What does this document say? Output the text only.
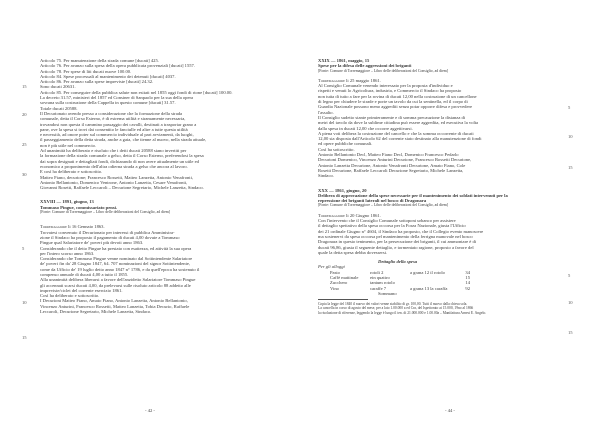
Articolo 75. Per manutenzione della strada comune [ducati] 425.
Articolo 76. Per avanzo sulla spesa della opera pubblicata provenziali [ducati] 1557.
Articolo 78. Per spese di liti ducati nuove 100.00.
Articolo 84. Spese procesuali al mantenimento dei detenuti [ducati] 4037.
Articolo 86. Per avanzo sulla spese impreviste [ducati] 24.32.
Sono ducati 20631.
Articolo 85. Per conseguire della pubblica salute non esitati nel 1855 oggi fondi di rione [ducati] 100.00.
La decreto 31.57, ministeri del 1857 ed Consiner di Sanpaolo per la sua della opera
sovrana sulla costruzione della Cappella in questo comune [ducati] 31.57.
Totale ducati 20588.
Il Decurionato avendo presso a considerazione che la formazione della strada
comunale, detta il Corso Esterno, è di estrema utilità e stramamente necessaria,
trovandosi non questa il cammino passaggio dei cavalli, destinati a trasportar grano a
pane, ove la spesa si trovi dai consentito le fanciulle ed altre a tutte questa utilità
e necessità, ad onore poter sul commercio individuale al pari avviamenti, da luoghi,
il passeggiamento della detta strada, anche a gaia, che tienne al nuovo, nella strada attuale,
non è più utile nel commercio.
Ad unanimità ha deliberato e risoluto che i detti ducati 20588 siano invertiti per
la formazione della strada comunale a gelso, detta il Corso Esterno, preferendosi la spesa
dai sopra designati e dettagliati fondi, dichiarando di non avere attualmente un utile ed
economico a proponimento dell'altra odierna strada a gelso che ancora al lavoro.
E così ha deliberato e sottoscritto.
Matteo Fiano, decurione; Francesco Rossetti, Matteo Lanzetta, Antonio Venafronti,
Antonio Bellantonio, Domenico Ventrone, Antonio Lanzetta, Cesare Venafronti,
Giovanni Rosetti, Raffaele Leccaroli – Decurione Segretario, Michele Lanzetta, Sindaco.
XXVIII — 1891, giugno, 13
Tommaso Pingue, commissariato pensi.
[Fonte: Comune di Torremaggiore – Libro delle deliberazioni del Consiglio, ad diem]
Torremaggiore li 16 Gennaio 1863.
Trovatesi convenuto il Decurionato per interessi di pubblica Amministra-
zione il Sindaco ha proposto il pagamento di ducati 4,00 dovute a Tommaso
Pingue qual Salariatore de' poveri più devoti anno 1863.
Considerando che il detto Pingue ha prestato con esattezza, ed attività la sua opera
per l'intero scorso anno 1863.
Considerando che Tommaso Pingue venne nominato dal Sottintendente Salariatore
de' poveri fin da' 28 Giugno 1847, 64. 707 nominazioni del signor Sottintendente,
come da Ufficio de' 19 luglio detto anno 1847 n° 1786, e da quell'epoca ha sostenuto il
compenso annuale di ducati 4,00 a tutto il 1855.
Alla unanimità delibera liberarsi a favore dell'anzidetto Salariatore Tommaso Pingue
gli accennati scarsi ducati 4,00, da prelevarsi sulle risoluto articolo 88 addetto alle
impreviste/ciclet del corrente esercizio 1861.
Così ha deliberato e sottoscritto.
I Decurioni Matteo Fiano, Amato Fiano, Antonio Lanzetta, Antonio Bellantonio,
Vincenzo Anturini, Francesco Rossetti, Matteo Lanzetta, Tobia Decurio, Raffaele
Leccaroli, Decurione Segretario, Michele Lanzetta, Sindaco.
15
20
25
30
5
10
15
- 42 -
XXIX — 1861, maggio, 15
Spese per la difesa delle aggressioni dei briganti
[Fonte: Comune di Torremaggiore – Libro delle deliberazioni del Consiglio, ad diem]
Torremaggiore li 25 maggio 1861.
Al Consiglio Comunale venendo interessato per la proposta d'individuo e
rispetti e venuti lo Agricoltura, industria, e Commercio il Sindaco ha proposto
non tutta di tutto a fare per la rovina di ducati 12,00 nella costruzione di un cancellone
di legno per chiudere le strade e porte un tavolo da cui la sentinella, ed il corpo di
Guardia Nazionale possono meno aggrediti senza potar opporre difesa e provvedere
l'assalto.
Il Consiglio sudetto stante primieramente e di somma precauzione la distanza di
metri del tavolo da dove la sublime cittadina può essere aggredita, ed esecutiva la volta
dalla spesa in ducati 12,00 che occorre aggettivarsi.
A piena voti delibera la costruzione del cancello e che la somma occorrente di ducati
12,00 sia disposta dall'Articolo 62 del corrente stato destinato alla manutenzione di fondi
ed opere pubbliche comunali.
Così ha sottoscritto.
Antonio Bellantonio Decl, Matteo Fiano Decl, Domenico Francesco Pedarlo
Decurioni Domenico, Vincenzo Anturini Decurione, Francesco Rossetti Decurione,
Antonio Lanzetta Decurione, Antonio Venafronti Decurione, Amato Fiano, Cole
Rosetti Decurione, Raffaele Leccaroli Decurione Segretario, Michele Lanzetta,
Sindaco.
XXX — 1861, giugno, 20
Delibera di approvazione della spese necessarie per il mantenimento dei soldati intervenuti per la
repressione dei briganti laterali nel bosco di Dragonara
[Fonte: Comune di Torremaggiore – Libro delle deliberazioni del Consiglio, ad diem]
Torremaggiore li 20 Giugno 1861.
Con l'intervento che il Consiglio Comunale sottoponi urbanco per assistere
il dettaglio spettativo della spesa occorsa per la Forza Nazionale, giusta l'Ufficio
dei 21 ordinale Giugno n° 4604, il Sindaco ha proposto, che il Collegio evento manoscere
ma sostenervi da spesa occorsa pel mantenimento della ferrigna manovale nel bosco
Dragonara in questo tenimento, per la persecuzione dei briganti, il cui ammontare è di
ducati 96,86, giusta il seguente dettaglio, e tormentato ragione, proposto a favore del
quale la detta spesa debba dovessersi.
Dettaglio della spesa
Per gli alloggi
Pasto	rotoli 2	a grana 12 il rotolo	34
Caffè mattinale	ein quattro		15
Zucchero	tantum rotolo		14
Vino	caraffe 7	a grana 13 la caraffa	92
Sommano
Copia la legge del 1840 il nuovo dei valori venne stabilito di gr. 100,00. Tutti il nuovo dalla chiesa sola.
La cancella in corso di agosto del mese, per a lato 1.00.000 a ed Cra, del Ispettorato ai 15.000, 19no al 1866
la risoluzione di riferenze, leggendo la legge è lungo il ten. di 21.000.000 e 1.00.00a – Manifattura Arnesi E. Angelo.
5
10
15
5
10
15
- 44 -
